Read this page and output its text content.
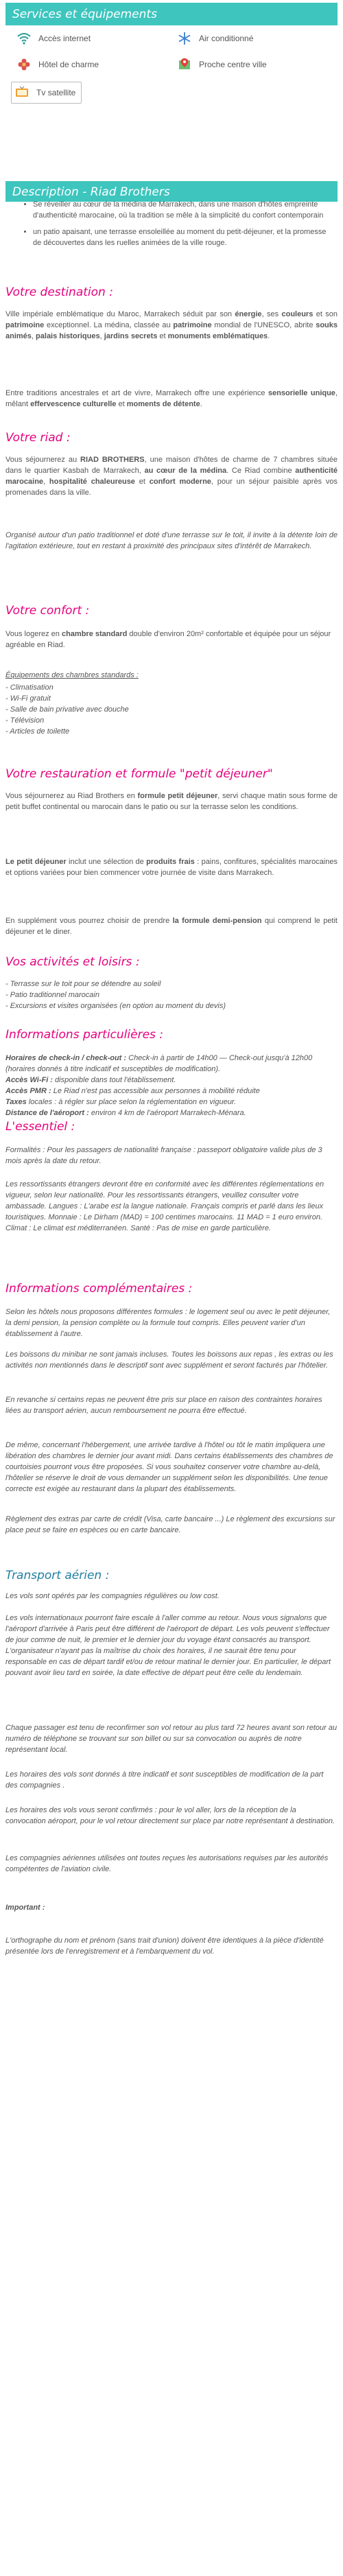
Services et équipements
Accès internet	Air conditionné
Hôtel de charme	Proche centre ville
Tv satellite
Description - Riad Brothers
• Se réveiller au cœur de la médina de Marrakech, dans une maison d'hôtes empreinte d'authenticité marocaine, où la tradition se mêle à la simplicité du confort contemporain
• un patio apaisant, une terrasse ensoleillée au moment du petit-déjeuner, et la promesse de découvertes dans les ruelles animées de la ville rouge.
Votre destination :

Ville impériale emblématique du Maroc, Marrakech séduit par son énergie, ses couleurs et son patrimoine exceptionnel. La médina, classée au patrimoine mondial de l'UNESCO, abrite souks animés, palais historiques, jardins secrets et monuments emblématiques.

Entre traditions ancestrales et art de vivre, Marrakech offre une expérience sensorielle unique, mêlant effervescence culturelle et moments de détente.

Votre riad :

Vous séjournerez au RIAD BROTHERS, une maison d'hôtes de charme de 7 chambres située dans le quartier Kasbah de Marrakech, au cœur de la médina. Ce Riad combine authenticité marocaine, hospitalité chaleureuse et confort moderne, pour un séjour paisible après vos promenades dans la ville.

Organisé autour d'un patio traditionnel et doté d'une terrasse sur le toit, il invite à la détente loin de l'agitation extérieure, tout en restant à proximité des principaux sites d'intérêt de Marrakech.

Votre confort :

Vous logerez en chambre standard double d'environ 20m² confortable et équipée pour un séjour agréable en Riad.

Équipements des chambres standards :

- Climatisation

- Wi-Fi gratuit

- Salle de bain privative avec douche

- Télévision

- Articles de toilette

Votre restauration et formule "petit déjeuner"

Vous séjournerez au Riad Brothers en formule petit déjeuner, servi chaque matin sous forme de petit buffet continental ou marocain dans le patio ou sur la terrasse selon les conditions.

Le petit déjeuner inclut une sélection de produits frais : pains, confitures, spécialités marocaines et options variées pour bien commencer votre journée de visite dans Marrakech.

En supplément vous pourrez choisir de prendre la formule demi-pension qui comprend le petit déjeuner et le diner.

Vos activités et loisirs :

- Terrasse sur le toit pour se détendre au soleil

- Patio traditionnel marocain

- Excursions et visites organisées (en option au moment du devis)

Informations particulières :

Horaires de check-in / check-out : Check-in à partir de 14h00 — Check-out jusqu'à 12h00 (horaires donnés à titre indicatif et susceptibles de modification).

Accès Wi-Fi : disponible dans tout l'établissement.

Accès PMR : Le Riad n'est pas accessible aux personnes à mobilité réduite

Taxes locales : à régler sur place selon la réglementation en vigueur.

Distance de l'aéroport : environ 4 km de l'aéroport Marrakech-Ménara.

L'essentiel :

Formalités : Pour les passagers de nationalité française : passeport obligatoire valide plus de 3 mois après la date du retour.

Les ressortissants étrangers devront être en conformité avec les différentes réglementations en vigueur, selon leur nationalité. Pour les ressortissants étrangers, veuillez consulter votre ambassade. Langues : L'arabe est la langue nationale. Français compris et parlé dans les lieux touristiques. Monnaie : Le Dirham (MAD) = 100 centimes marocains. 11 MAD = 1 euro environ. Climat : Le climat est méditerranéen. Santé : Pas de mise en garde particulière.

Informations complémentaires :

Selon les hôtels nous proposons différentes formules : le logement seul ou avec le petit déjeuner, la demi pension, la pension complète ou la formule tout compris. Elles peuvent varier d'un établissement à l'autre.

Les boissons du minibar ne sont jamais incluses. Toutes les boissons aux repas , les extras ou les activités non mentionnés dans le descriptif sont avec supplément et seront facturés par l'hôtelier.

En revanche si certains repas ne peuvent être pris sur place en raison des contraintes horaires liées au transport aérien, aucun remboursement ne pourra être effectué.

De même, concernant l'hébergement, une arrivée tardive à l'hôtel ou tôt le matin impliquera une libération des chambres le dernier jour avant midi. Dans certains établissements des chambres de courtoisies pourront vous être proposées. Si vous souhaitez conserver votre chambre au-delà, l'hôtelier se réserve le droit de vous demander un supplément selon les disponibilités. Une tenue correcte est exigée au restaurant dans la plupart des établissements.

Règlement des extras par carte de crédit (Visa, carte bancaire ...) Le règlement des excursions sur place peut se faire en espèces ou en carte bancaire.

Transport aérien :

Les vols sont opérés par les compagnies régulières ou low cost.

Les vols internationaux pourront faire escale à l'aller comme au retour. Nous vous signalons que l'aéroport d'arrivée à Paris peut être différent de l'aéroport de départ. Les vols peuvent s'effectuer de jour comme de nuit, le premier et le dernier jour du voyage étant consacrés au transport. L'organisateur n'ayant pas la maîtrise du choix des horaires, il ne saurait être tenu pour responsable en cas de départ tardif et/ou de retour matinal le dernier jour. En particulier, le départ pouvant avoir lieu tard en soirée, la date effective de départ peut être celle du lendemain.

Chaque passager est tenu de reconfirmer son vol retour au plus tard 72 heures avant son retour au numéro de téléphone se trouvant sur son billet ou sur sa convocation ou auprès de notre représentant local.

Les horaires des vols sont donnés à titre indicatif et sont susceptibles de modification de la part des compagnies .

Les horaires des vols vous seront confirmés : pour le vol aller, lors de la réception de la convocation aéroport, pour le vol retour directement sur place par notre représentant à destination.

Les compagnies aériennes utilisées ont toutes reçues les autorisations requises par les autorités compétentes de l'aviation civile.

Important :

L'orthographe du nom et prénom (sans trait d'union) doivent être identiques à la pièce d'identité présentée lors de l'enregistrement et à l'embarquement du vol.
